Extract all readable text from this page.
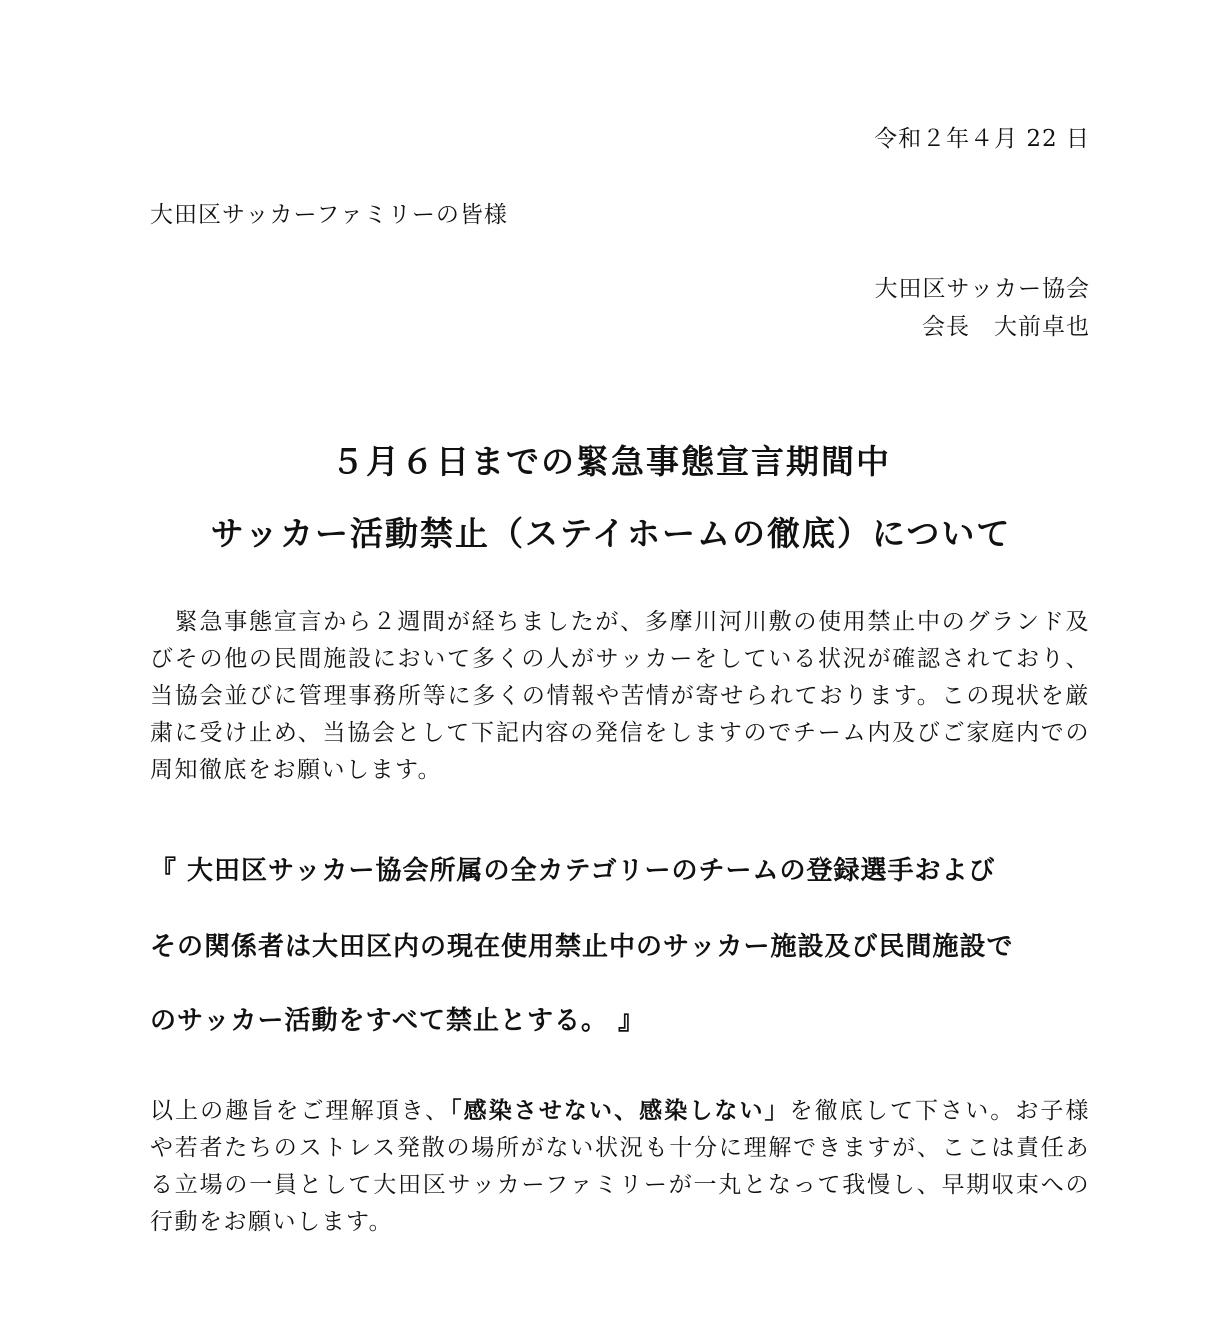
令和２年４月 22 日
大田区サッカーファミリーの皆様
大田区サッカー協会
会長　大前卓也
５月６日までの緊急事態宣言期間中
サッカー活動禁止（ステイホームの徹底）について
　緊急事態宣言から２週間が経ちましたが、多摩川河川敷の使用禁止中のグランド及びその他の民間施設において多くの人がサッカーをしている状況が確認されており、当協会並びに管理事務所等に多くの情報や苦情が寄せられております。この現状を厳粛に受け止め、当協会として下記内容の発信をしますのでチーム内及びご家庭内での周知徹底をお願いします。
『 大田区サッカー協会所属の全カテゴリーのチームの登録選手および
その関係者は大田区内の現在使用禁止中のサッカー施設及び民間施設で
のサッカー活動をすべて禁止とする。 』
以上の趣旨をご理解頂き、「感染させない、感染しない」を徹底して下さい。お子様や若者たちのストレス発散の場所がない状況も十分に理解できますが、ここは責任ある立場の一員として大田区サッカーファミリーが一丸となって我慢し、早期収束への行動をお願いします。
